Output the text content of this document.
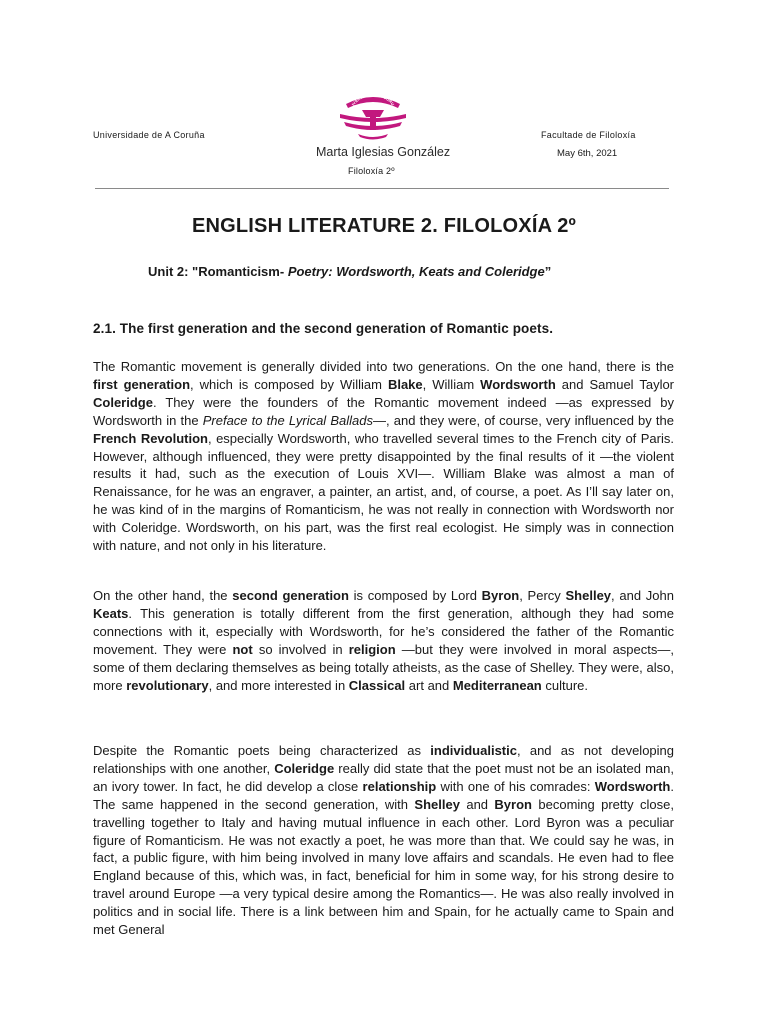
Universidade de A Coruña	Facultade de Filoloxía
IVERSIDADE DA CORU
Marta Iglesias González	May 6th, 2021
Filoloxía 2º
ENGLISH LITERATURE 2. FILOLOXÍA 2º
Unit 2: "Romanticism- Poetry: Wordsworth, Keats and Coleridge”
2.1. The first generation and the second generation of Romantic poets.

The Romantic movement is generally divided into two generations. On the one hand, there is the first generation, which is composed by William Blake, William Wordsworth and Samuel Taylor Coleridge. They were the founders of the Romantic movement indeed —as expressed by Wordsworth in the Preface to the Lyrical Ballads—, and they were, of course, very influenced by the French Revolution, especially Wordsworth, who travelled several times to the French city of Paris. However, although influenced, they were pretty disappointed by the final results of it —the violent results it had, such as the execution of Louis XVI—. William Blake was almost a man of Renaissance, for he was an engraver, a painter, an artist, and, of course, a poet. As I’ll say later on, he was kind of in the margins of Romanticism, he was not really in connection with Wordsworth nor with Coleridge. Wordsworth, on his part, was the first real ecologist. He simply was in connection with nature, and not only in his literature.

On the other hand, the second generation is composed by Lord Byron, Percy Shelley, and John Keats. This generation is totally different from the first generation, although they had some connections with it, especially with Wordsworth, for he’s considered the father of the Romantic movement. They were not so involved in religion —but they were involved in moral aspects—, some of them declaring themselves as being totally atheists, as the case of Shelley. They were, also, more revolutionary, and more interested in Classical art and Mediterranean culture.

Despite the Romantic poets being characterized as individualistic, and as not developing relationships with one another, Coleridge really did state that the poet must not be an isolated man, an ivory tower. In fact, he did develop a close relationship with one of his comrades: Wordsworth. The same happened in the second generation, with Shelley and Byron becoming pretty close, travelling together to Italy and having mutual influence in each other. Lord Byron was a peculiar figure of Romanticism. He was not exactly a poet, he was more than that. We could say he was, in fact, a public figure, with him being involved in many love affairs and scandals. He even had to flee England because of this, which was, in fact, beneficial for him in some way, for his strong desire to travel around Europe —a very typical desire among the Romantics—. He was also really involved in politics and in social life. There is a link between him and Spain, for he actually came to Spain and met General
